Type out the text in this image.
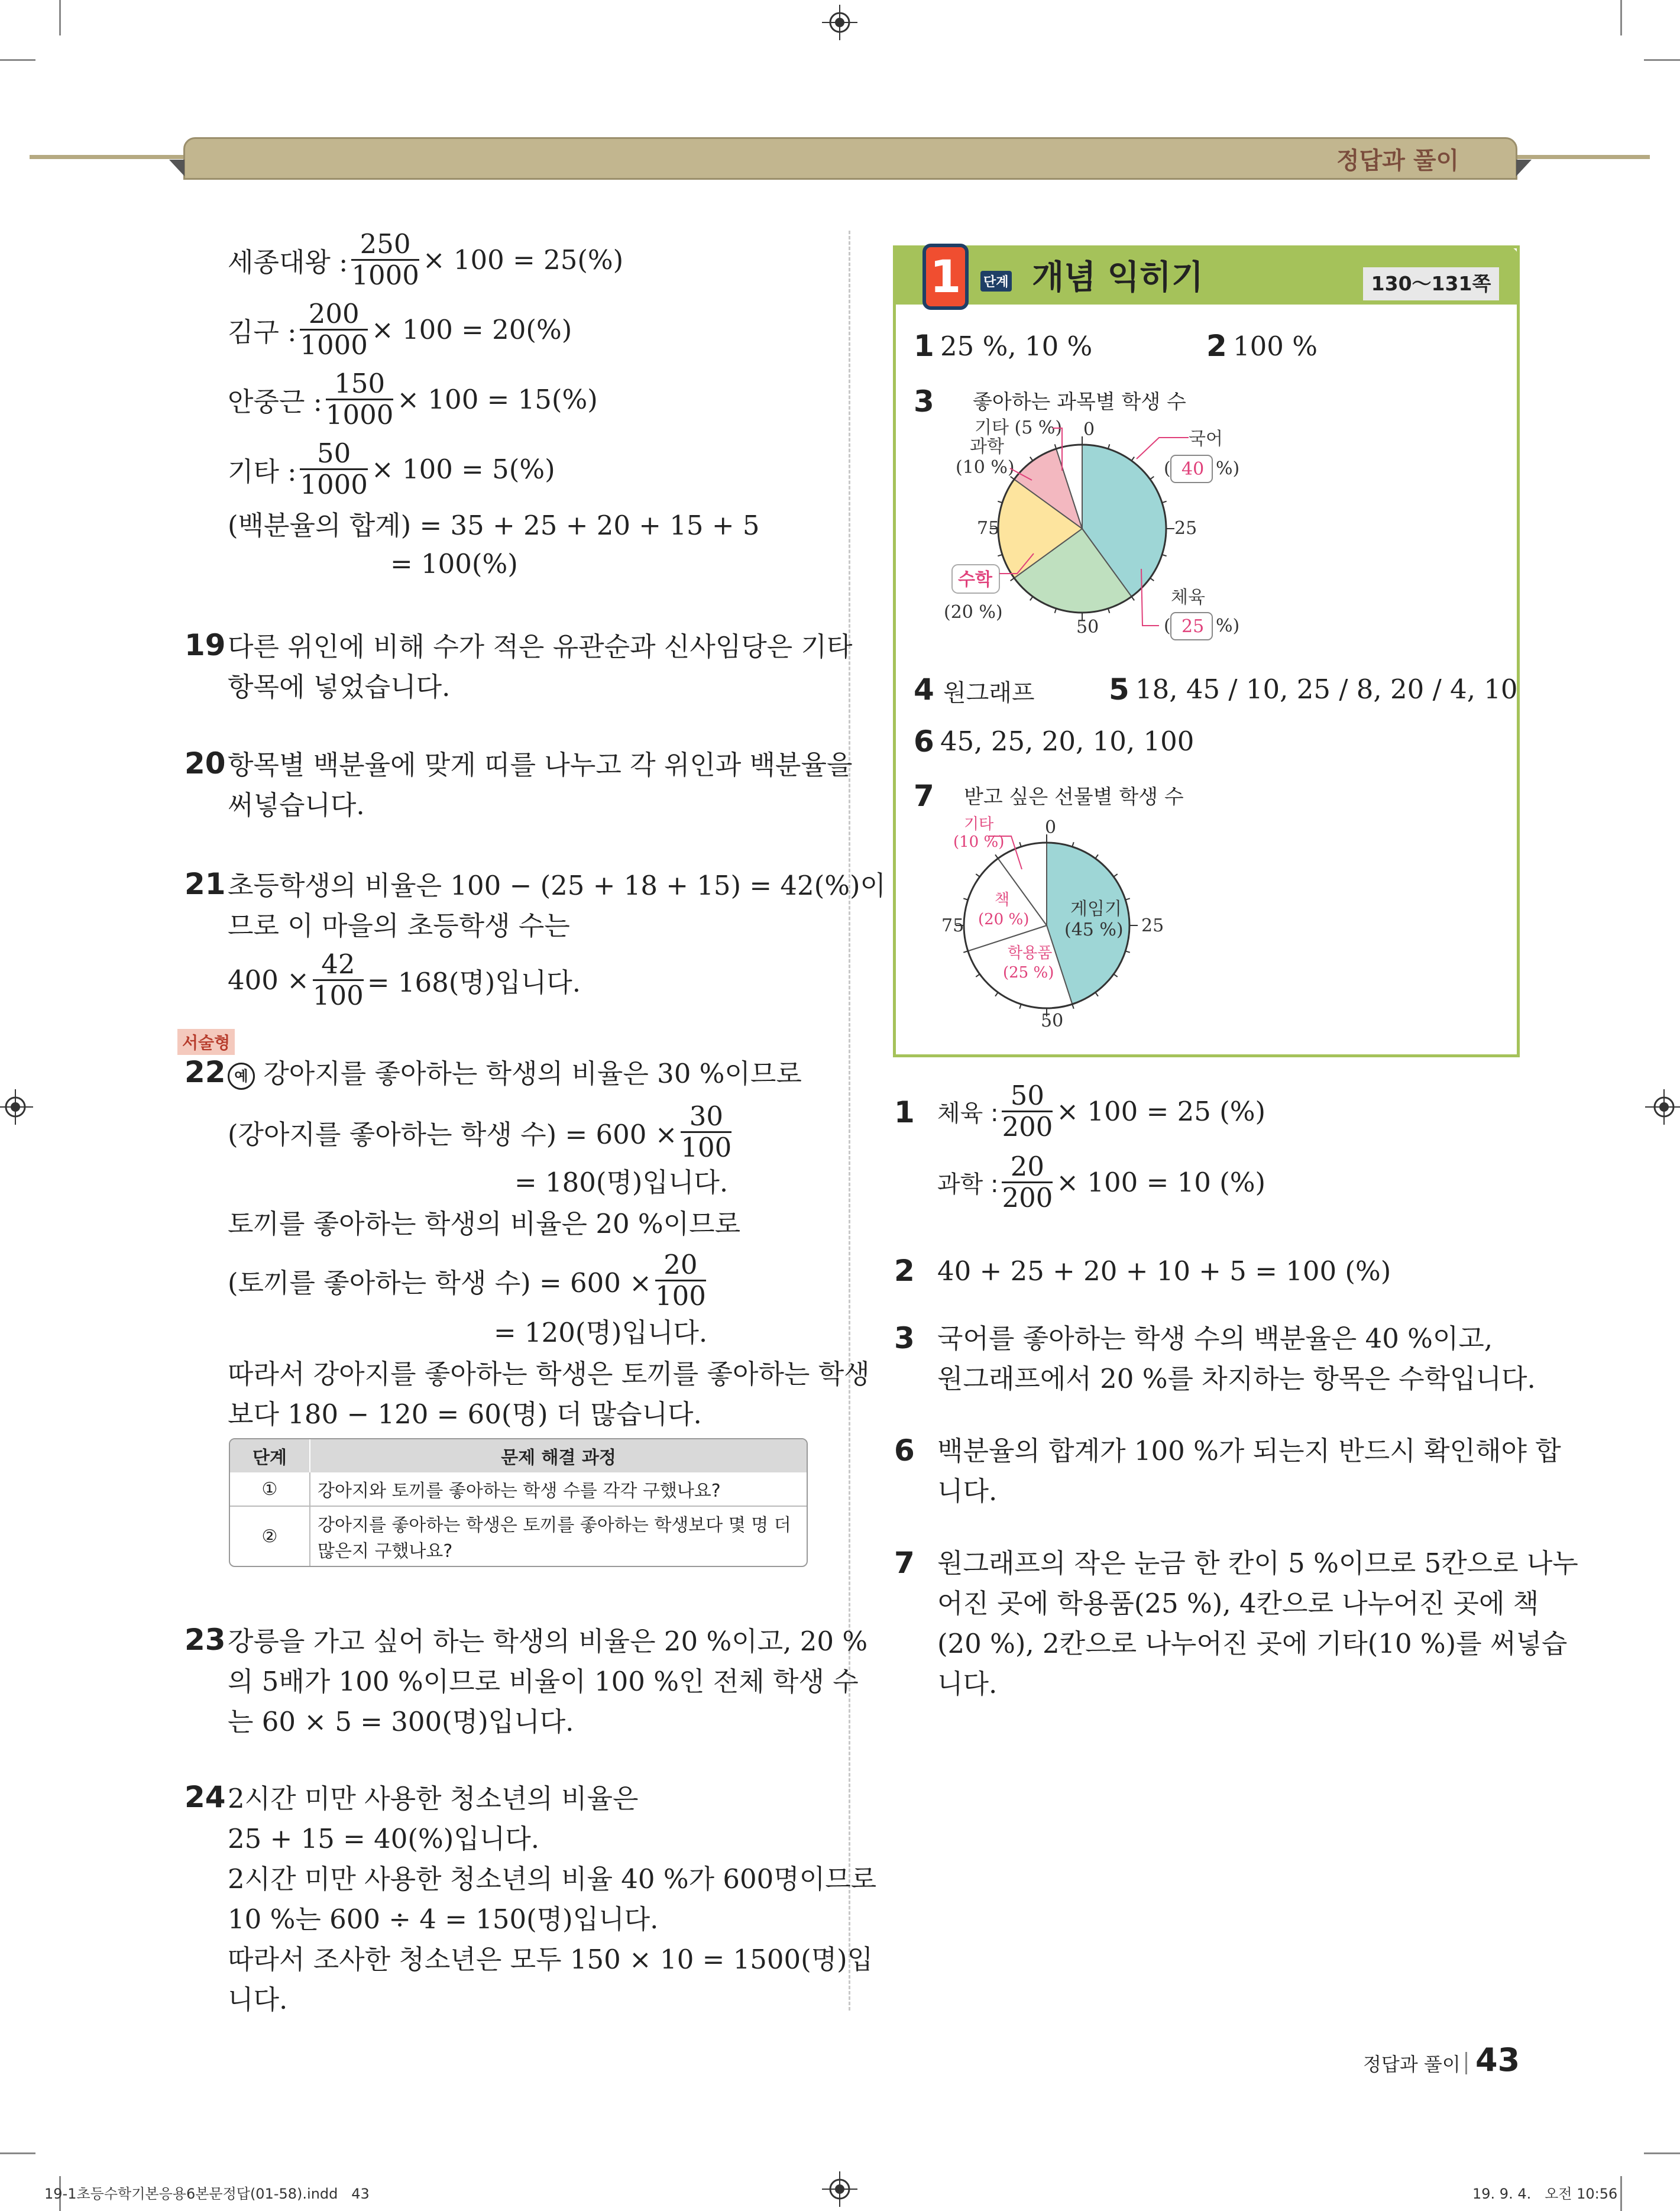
정답과 풀이
세종대왕 : $\frac{250}{1000} \times 100 = 25(\%)$
김구 : $\frac{200}{1000} \times 100 = 20(\%)$
안중근 : $\frac{150}{1000} \times 100 = 15(\%)$
기타 : $\frac{50}{1000} \times 100 = 5(\%)$
(백분율의 합계) = 35 + 25 + 20 + 15 + 5
= 100(%)
19 다른 위인에 비해 수가 적은 유관순과 신사임당은 기타
항목에 넣었습니다.
20 항목별 백분율에 맞게 띠를 나누고 각 위인과 백분율을
써넣습니다.
21 초등학생의 비율은 100 − (25 + 18 + 15) = 42(%)이
므로 이 마을의 초등학생 수는
$400 \times \frac{42}{100} = 168$(명)입니다.
서술형
22 예 강아지를 좋아하는 학생의 비율은 30 %이므로
(강아지를 좋아하는 학생 수) = $600 \times \frac{30}{100}$
= 180(명)입니다.
토끼를 좋아하는 학생의 비율은 20 %이므로
(토끼를 좋아하는 학생 수) = $600 \times \frac{20}{100}$
= 120(명)입니다.
따라서 강아지를 좋아하는 학생은 토끼를 좋아하는 학생
보다 180 − 120 = 60(명) 더 많습니다.
단계	문제 해결 과정
①	강아지와 토끼를 좋아하는 학생 수를 각각 구했나요?
②	강아지를 좋아하는 학생은 토끼를 좋아하는 학생보다 몇 명 더
많은지 구했나요?
23 강릉을 가고 싶어 하는 학생의 비율은 20 %이고, 20 %
의 5배가 100 %이므로 비율이 100 %인 전체 학생 수
는 60 × 5 = 300(명)입니다.
24 2시간 미만 사용한 청소년의 비율은
25 + 15 = 40(%)입니다.
2시간 미만 사용한 청소년의 비율 40 %가 600명이므로
10 %는 600 ÷ 4 = 150(명)입니다.
따라서 조사한 청소년은 모두 150 × 10 = 1500(명)입
니다.
1	단계 개념 익히기	130～131쪽
1 25 %, 10 %	2 100 %
3 좋아하는 과목별 학생 수
0
25
50
75
기타 (5 %)
과학
(10 %)
국어
( 40 %)
수학
(20 %)
체육
( 25 %)
4 원그래프	5 18, 45 / 10, 25 / 8, 20 / 4, 10
6 45, 25, 20, 10, 100
7 받고 싶은 선물별 학생 수
0
25
50
75
기타
(10 %)
게임기
(45 %)
책
(20 %)
학용품
(25 %)
1 체육 : $\frac{50}{200} \times 100 = 25$ (%)
과학 : $\frac{20}{200} \times 100 = 10$ (%)
2 40 + 25 + 20 + 10 + 5 = 100 (%)
3 국어를 좋아하는 학생 수의 백분율은 40 %이고,
원그래프에서 20 %를 차지하는 항목은 수학입니다.
6 백분율의 합계가 100 %가 되는지 반드시 확인해야 합
니다.
7 원그래프의 작은 눈금 한 칸이 5 %이므로 5칸으로 나누
어진 곳에 학용품(25 %), 4칸으로 나누어진 곳에 책
(20 %), 2칸으로 나누어진 곳에 기타(10 %)를 써넣습
니다.
정답과 풀이 43
19-1초등수학기본응용6본문정답(01-58).indd   43	19. 9. 4.   오전 10:56
